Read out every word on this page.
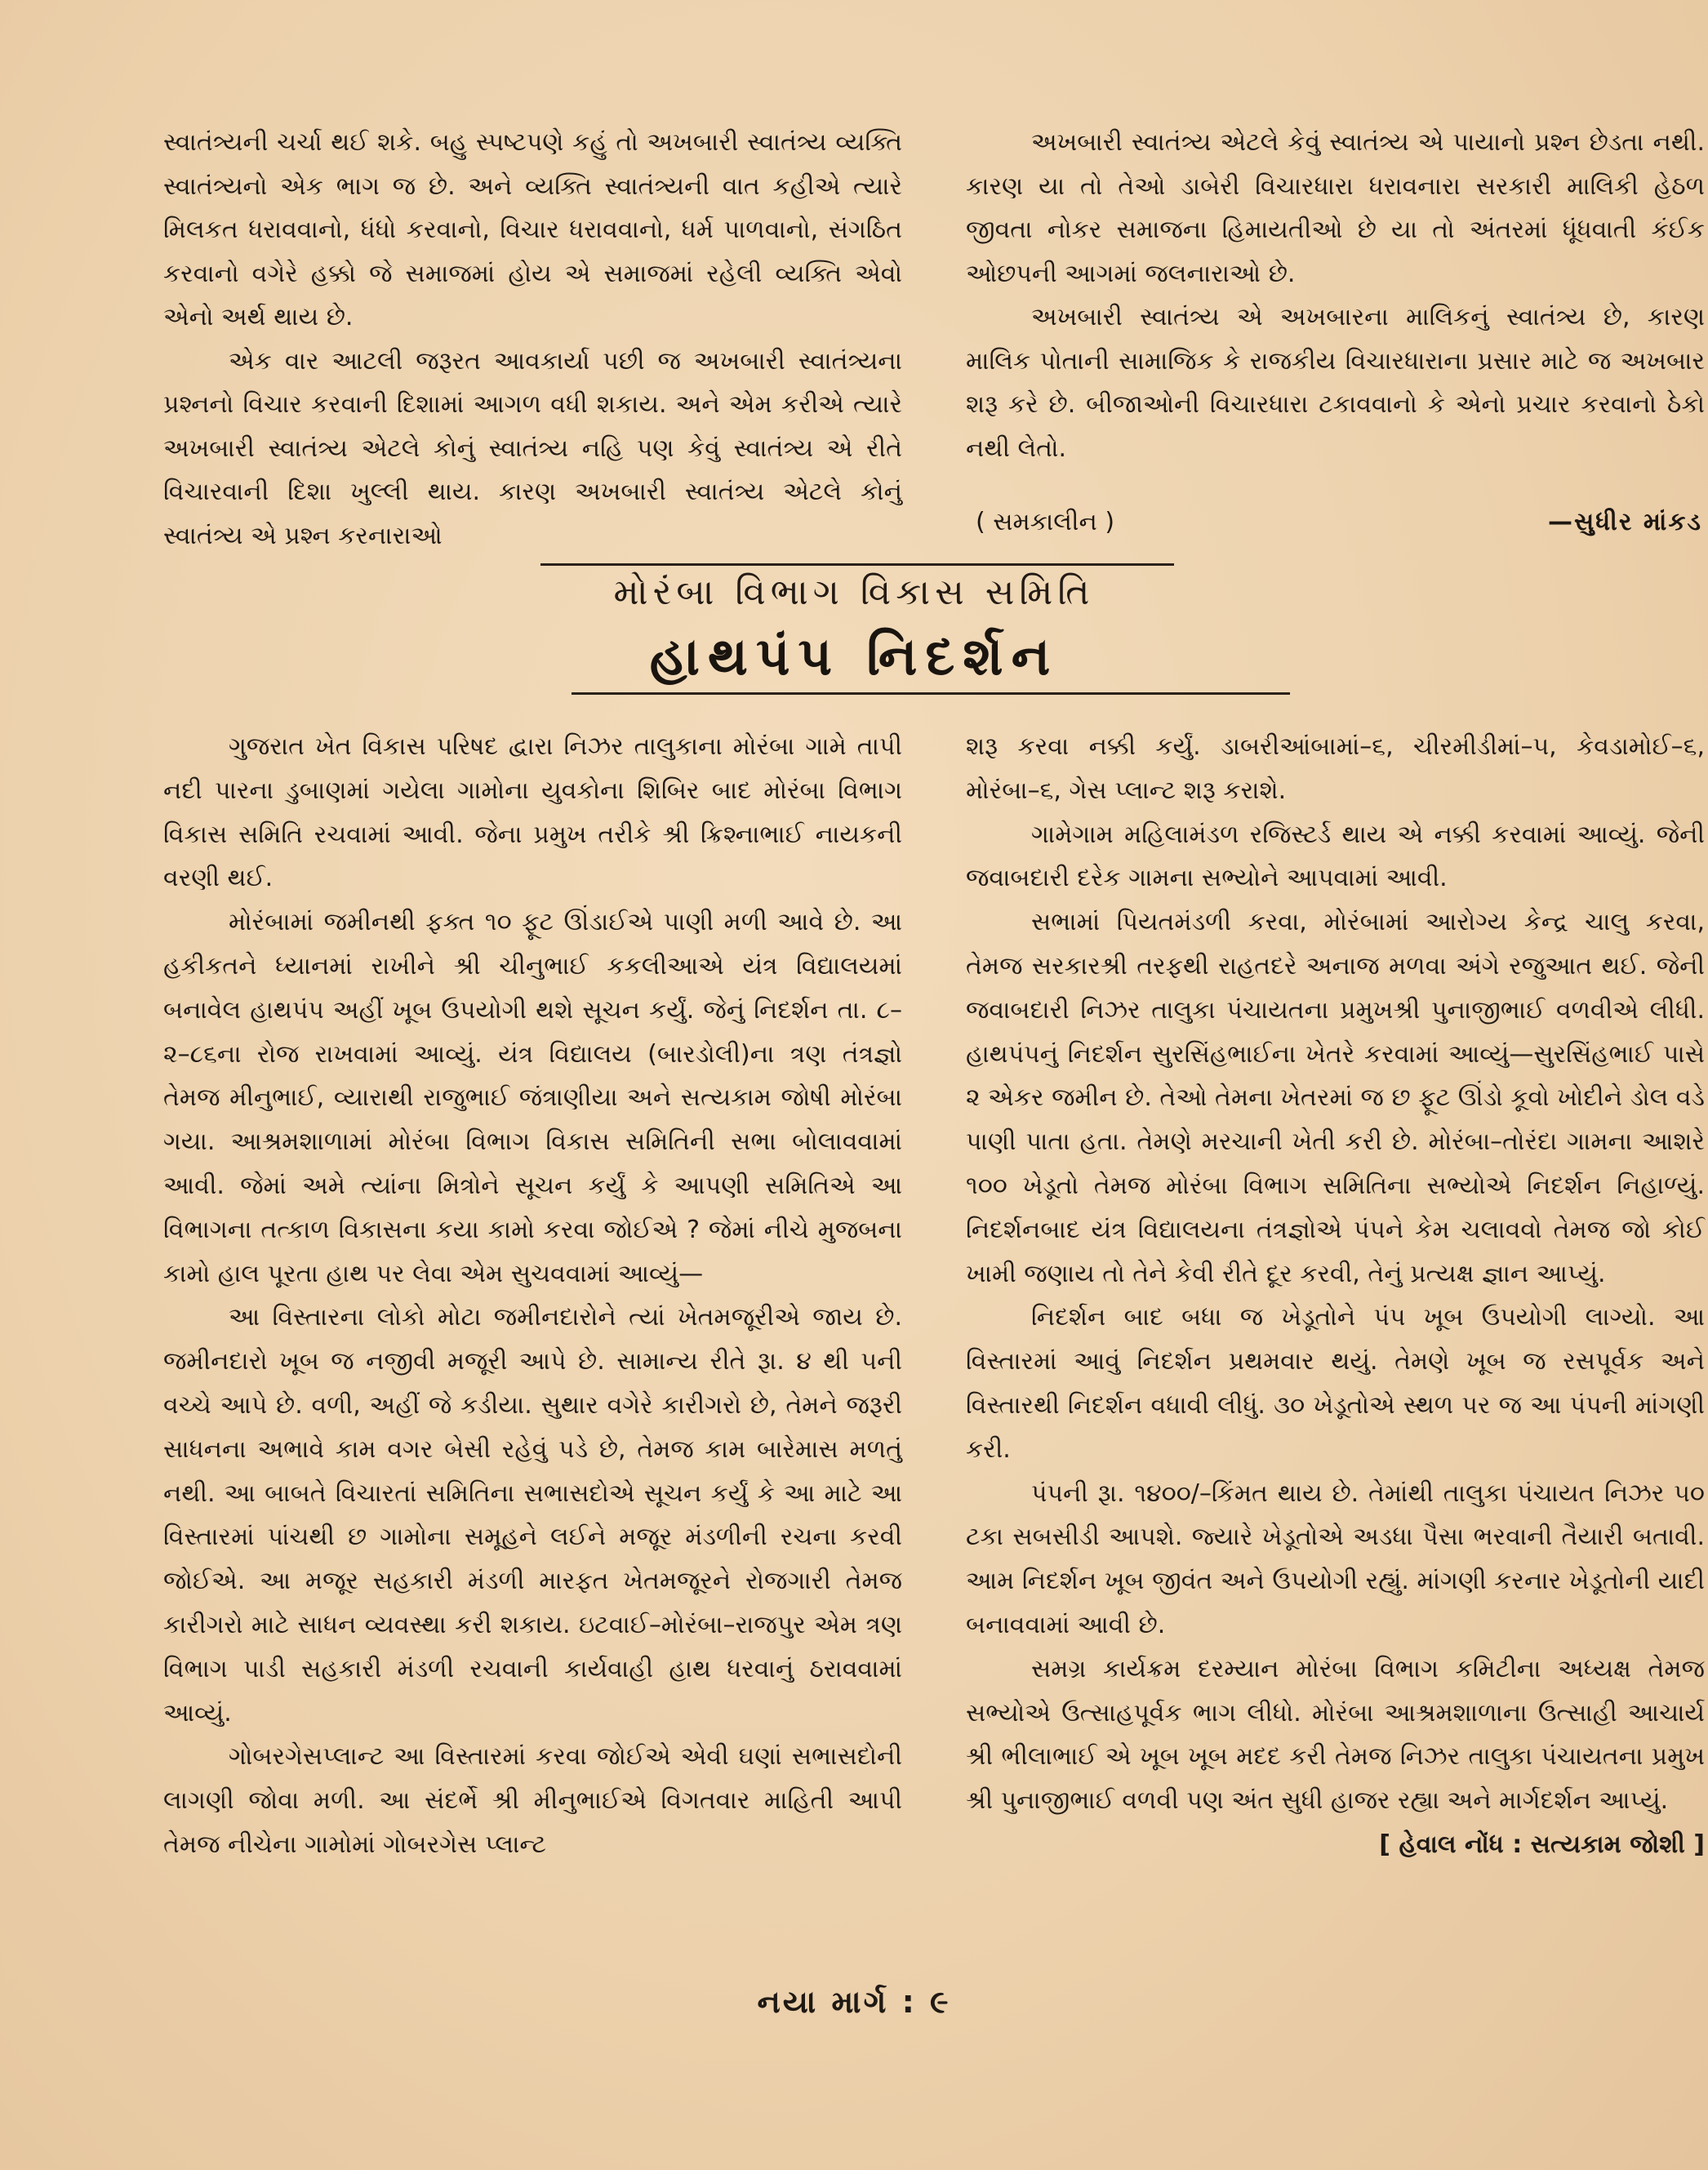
સ્વાતંત્ર્યની ચર્ચા થઈ શકે. બહુ સ્પષ્ટપણે કહું તો અખબારી સ્વાતંત્ર્ય વ્યક્તિ સ્વાતંત્ર્યનો એક ભાગ જ છે. અને વ્યક્તિ સ્વાતંત્ર્યની વાત કહીએ ત્યારે મિલકત ધરાવવાનો, ધંધો કરવાનો, વિચાર ધરાવવાનો, ધર્મ પાળવાનો, સંગઠિત કરવાનો વગેરે હક્કો જે સમાજમાં હોય એ સમાજમાં રહેલી વ્યક્તિ એવો એનો અર્થ થાય છે.

એક વાર આટલી જરૂરત આવકાર્યા પછી જ અખબારી સ્વાતંત્ર્યના પ્રશ્નનો વિચાર કરવાની દિશામાં આગળ વધી શકાય. અને એમ કરીએ ત્યારે અખબારી સ્વાતંત્ર્ય એટલે કોનું સ્વાતંત્ર્ય નહિ પણ કેવું સ્વાતંત્ર્ય એ રીતે વિચારવાની દિશા ખુલ્લી થાય. કારણ અખબારી સ્વાતંત્ર્ય એટલે કોનું સ્વાતંત્ર્ય એ પ્રશ્ન કરનારાઓ

અખબારી સ્વાતંત્ર્ય એટલે કેવું સ્વાતંત્ર્ય એ પાયાનો પ્રશ્ન છેડતા નથી. કારણ યા તો તેઓ ડાબેરી વિચારધારા ધરાવનારા સરકારી માલિકી હેઠળ જીવતા નોકર સમાજના હિમાયતીઓ છે યા તો અંતરમાં ધૂંધવાતી કંઈક ઓછપની આગમાં જલનારાઓ છે.

અખબારી સ્વાતંત્ર્ય એ અખબારના માલિકનું સ્વાતંત્ર્ય છે, કારણ માલિક પોતાની સામાજિક કે રાજકીય વિચારધારાના પ્રસાર માટે જ અખબાર શરૂ કરે છે. બીજાઓની વિચારધારા ટકાવવાનો કે એનો પ્રચાર કરવાનો ઠેકો નથી લેતો.

( સમકાલીન )	—સુધીર માંકડ
મોરંબા વિભાગ વિકાસ સમિતિ
હાથપંપ નિદર્શન

ગુજરાત ખેત વિકાસ પરિષદ દ્વારા નિઝર તાલુકાના મોરંબા ગામે તાપી નદી પારના ડુબાણમાં ગયેલા ગામોના યુવકોના શિબિર બાદ મોરંબા વિભાગ વિકાસ સમિતિ રચવામાં આવી. જેના પ્રમુખ તરીકે શ્રી ક્રિશ્નાભાઈ નાયકની વરણી થઈ.

મોરંબામાં જમીનથી ફક્ત ૧૦ ફૂટ ઊંડાઈએ પાણી મળી આવે છે. આ હકીકતને ધ્યાનમાં રાખીને શ્રી ચીનુભાઈ કકલીઆએ યંત્ર વિદ્યાલયમાં બનાવેલ હાથપંપ અહીં ખૂબ ઉપયોગી થશે સૂચન કર્યું. જેનું નિદર્શન તા. ૮–૨–૮૬ના રોજ રાખવામાં આવ્યું. યંત્ર વિદ્યાલય (બારડોલી)ના ત્રણ તંત્રજ્ઞો તેમજ મીનુભાઈ, વ્યારાથી રાજુભાઈ જંત્રાણીયા અને સત્યકામ જોષી મોરંબા ગયા. આશ્રમશાળામાં મોરંબા વિભાગ વિકાસ સમિતિની સભા બોલાવવામાં આવી. જેમાં અમે ત્યાંના મિત્રોને સૂચન કર્યું કે આપણી સમિતિએ આ વિભાગના તત્કાળ વિકાસના કયા કામો કરવા જોઈએ ? જેમાં નીચે મુજબના કામો હાલ પૂરતા હાથ પર લેવા એમ સુચવવામાં આવ્યું—

આ વિસ્તારના લોકો મોટા જમીનદારોને ત્યાં ખેતમજૂરીએ જાય છે. જમીનદારો ખૂબ જ નજીવી મજૂરી આપે છે. સામાન્ય રીતે રૂા. ૪ થી ૫ની વચ્ચે આપે છે. વળી, અહીં જે કડીયા. સુથાર વગેરે કારીગરો છે, તેમને જરૂરી સાધનના અભાવે કામ વગર બેસી રહેવું પડે છે, તેમજ કામ બારેમાસ મળતું નથી. આ બાબતે વિચારતાં સમિતિના સભાસદોએ સૂચન કર્યું કે આ માટે આ વિસ્તારમાં પાંચથી છ ગામોના સમૂહને લઈને મજૂર મંડળીની રચના કરવી જોઈએ. આ મજૂર સહકારી મંડળી મારફત ખેતમજૂરને રોજગારી તેમજ કારીગરો માટે સાધન વ્યવસ્થા કરી શકાય. ઇટવાઈ–મોરંબા–રાજપુર એમ ત્રણ વિભાગ પાડી સહકારી મંડળી રચવાની કાર્યવાહી હાથ ધરવાનું ઠરાવવામાં આવ્યું.

ગોબરગેસપ્લાન્ટ આ વિસ્તારમાં કરવા જોઈએ એવી ઘણાં સભાસદોની લાગણી જોવા મળી. આ સંદર્ભે શ્રી મીનુભાઈએ વિગતવાર માહિતી આપી તેમજ નીચેના ગામોમાં ગોબરગેસ પ્લાન્ટ

શરૂ કરવા નક્કી કર્યું. ડાબરીઆંબામાં–૬, ચીરમીડીમાં–૫, કેવડામોઈ–૬, મોરંબા–૬, ગેસ પ્લાન્ટ શરૂ કરાશે.

ગામેગામ મહિલામંડળ રજિસ્ટર્ડ થાય એ નક્કી કરવામાં આવ્યું. જેની જવાબદારી દરેક ગામના સભ્યોને આપવામાં આવી.

સભામાં પિયતમંડળી કરવા, મોરંબામાં આરોગ્ય કેન્દ્ર ચાલુ કરવા, તેમજ સરકારશ્રી તરફથી રાહતદરે અનાજ મળવા અંગે રજુઆત થઈ. જેની જવાબદારી નિઝર તાલુકા પંચાયતના પ્રમુખશ્રી પુનાજીભાઈ વળવીએ લીધી. હાથપંપનું નિદર્શન સુરસિંહભાઈના ખેતરે કરવામાં આવ્યું—સુરસિંહભાઈ પાસે ૨ એકર જમીન છે. તેઓ તેમના ખેતરમાં જ છ ફૂટ ઊંડો કૂવો ખોદીને ડોલ વડે પાણી પાતા હતા. તેમણે મરચાની ખેતી કરી છે. મોરંબા–તોરંદા ગામના આશરે ૧૦૦ ખેડૂતો તેમજ મોરંબા વિભાગ સમિતિના સભ્યોએ નિદર્શન નિહાળ્યું. નિદર્શનબાદ યંત્ર વિદ્યાલયના તંત્રજ્ઞોએ પંપને કેમ ચલાવવો તેમજ જો કોઈ ખામી જણાય તો તેને કેવી રીતે દૂર કરવી, તેનું પ્રત્યક્ષ જ્ઞાન આપ્યું.

નિદર્શન બાદ બધા જ ખેડૂતોને પંપ ખૂબ ઉપયોગી લાગ્યો. આ વિસ્તારમાં આવું નિદર્શન પ્રથમવાર થયું. તેમણે ખૂબ જ રસપૂર્વક અને વિસ્તારથી નિદર્શન વધાવી લીધું. ૩૦ ખેડૂતોએ સ્થળ પર જ આ પંપની માંગણી કરી.

પંપની રૂા. ૧૪૦૦/–કિંમત થાય છે. તેમાંથી તાલુકા પંચાયત નિઝર ૫૦ ટકા સબસીડી આપશે. જ્યારે ખેડૂતોએ અડધા પૈસા ભરવાની તૈયારી બતાવી. આમ નિદર્શન ખૂબ જીવંત અને ઉપયોગી રહ્યું. માંગણી કરનાર ખેડૂતોની યાદી બનાવવામાં આવી છે.

સમગ્ર કાર્યક્રમ દરમ્યાન મોરંબા વિભાગ કમિટીના અધ્યક્ષ તેમજ સભ્યોએ ઉત્સાહપૂર્વક ભાગ લીધો. મોરંબા આશ્રમશાળાના ઉત્સાહી આચાર્ય શ્રી ભીલાભાઈ એ ખૂબ ખૂબ મદદ કરી તેમજ નિઝર તાલુકા પંચાયતના પ્રમુખ શ્રી પુનાજીભાઈ વળવી પણ અંત સુધી હાજર રહ્યા અને માર્ગદર્શન આપ્યું.

[ હેવાલ નોંધ : સત્યકામ જોશી ]

નયા માર્ગ : ૯
